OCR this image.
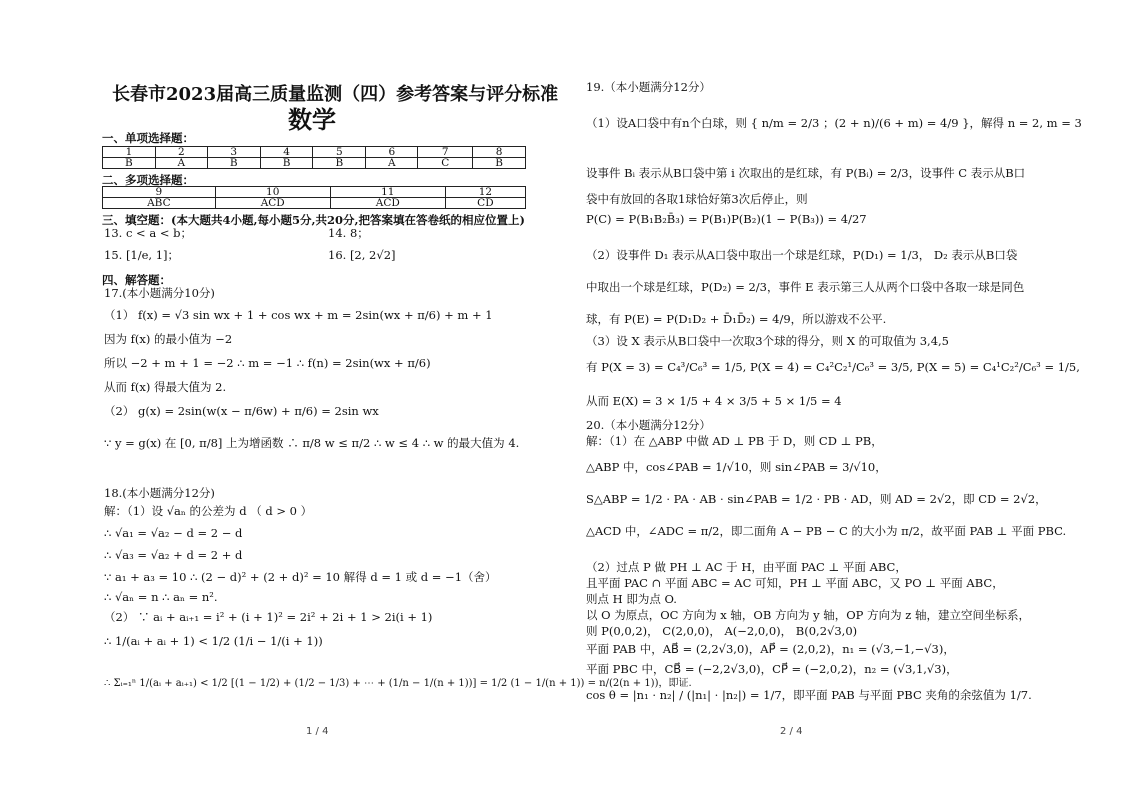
长春市2023届高三质量监测（四）参考答案与评分标准
数学
一、单项选择题：
1	2	3	4	5	6	7	8
B	A	B	B	B	A	C	B
二、多项选择题：
9	10	11	12
ABC	ACD	ACD	CD
三、填空题：(本大题共4小题,每小题5分,共20分,把答案填在答卷纸的相应位置上)
13. c < a < b；	14. 8；
15. [1/e, 1]；	16. [2, 2√2]
四、解答题：
17.(本小题满分10分)
（1） f(x) = √3 sin wx + 1 + cos wx + m = 2sin(wx + π/6) + m + 1
因为 f(x) 的最小值为 −2
所以 −2 + m + 1 = −2 ∴ m = −1 ∴ f(n) = 2sin(wx + π/6)
从而 f(x) 得最大值为 2.
（2） g(x) = 2sin(w(x − π/6w) + π/6) = 2sin wx
∵ y = g(x) 在 [0, π/8] 上为增函数 ∴ π/8 w ≤ π/2 ∴ w ≤ 4 ∴ w 的最大值为 4.
18.(本小题满分12分)
解：（1）设 √aₙ 的公差为 d （ d > 0 ）
∴ √a₁ = √a₂ − d = 2 − d
∴ √a₃ = √a₂ + d = 2 + d
∵ a₁ + a₃ = 10 ∴ (2 − d)² + (2 + d)² = 10 解得 d = 1 或 d = −1（舍）
∴ √aₙ = n ∴ aₙ = n².
（2） ∵ aᵢ + aᵢ₊₁ = i² + (i + 1)² = 2i² + 2i + 1 > 2i(i + 1)
∴ 1/(aᵢ + aᵢ + 1) < 1/2 (1/i − 1/(i + 1))
∴ Σᵢ₌₁ⁿ 1/(aᵢ + aᵢ₊₁) < 1/2 [(1 − 1/2) + (1/2 − 1/3) + ⋯ + (1/n − 1/(n + 1))] = 1/2 (1 − 1/(n + 1)) = n/(2(n + 1))，即证.
1 / 4
19.（本小题满分12分）
（1）设A口袋中有n个白球，则 { n/m = 2/3 ；(2 + n)/(6 + m) = 4/9 }，解得 n = 2, m = 3
设事件 Bᵢ 表示从B口袋中第 i 次取出的是红球，有 P(Bᵢ) = 2/3，设事件 C 表示从B口
袋中有放回的各取1球恰好第3次后停止，则
P(C) = P(B₁B₂B̄₃) = P(B₁)P(B₂)(1 − P(B₃)) = 4/27
（2）设事件 D₁ 表示从A口袋中取出一个球是红球，P(D₁) = 1/3， D₂ 表示从B口袋
中取出一个球是红球，P(D₂) = 2/3，事件 E 表示第三人从两个口袋中各取一球是同色
球，有 P(E) = P(D₁D₂ + D̄₁D̄₂) = 4/9，所以游戏不公平.
（3）设 X 表示从B口袋中一次取3个球的得分，则 X 的可取值为 3,4,5
有 P(X = 3) = C₄³/C₆³ = 1/5, P(X = 4) = C₄²C₂¹/C₆³ = 3/5, P(X = 5) = C₄¹C₂²/C₆³ = 1/5,
从而 E(X) = 3 × 1/5 + 4 × 3/5 + 5 × 1/5 = 4
20.（本小题满分12分）
解：（1）在 △ABP 中做 AD ⊥ PB 于 D，则 CD ⊥ PB，
△ABP 中，cos∠PAB = 1/√10，则 sin∠PAB = 3/√10，
S△ABP = 1/2 · PA · AB · sin∠PAB = 1/2 · PB · AD，则 AD = 2√2，即 CD = 2√2，
△ACD 中，∠ADC = π/2，即二面角 A − PB − C 的大小为 π/2，故平面 PAB ⊥ 平面 PBC.
（2）过点 P 做 PH ⊥ AC 于 H，由平面 PAC ⊥ 平面 ABC，
且平面 PAC ∩ 平面 ABC = AC 可知，PH ⊥ 平面 ABC，又 PO ⊥ 平面 ABC，
则点 H 即为点 O.
以 O 为原点，OC 方向为 x 轴，OB 方向为 y 轴，OP 方向为 z 轴，建立空间坐标系，
则 P(0,0,2)， C(2,0,0)， A(−2,0,0)， B(0,2√3,0)
平面 PAB 中，AB⃗ = (2,2√3,0)，AP⃗ = (2,0,2)，n₁ = (√3,−1,−√3)，
平面 PBC 中，CB⃗ = (−2,2√3,0)，CP⃗ = (−2,0,2)，n₂ = (√3,1,√3)，
cos θ = |n₁ · n₂| / (|n₁| · |n₂|) = 1/7，即平面 PAB 与平面 PBC 夹角的余弦值为 1/7.
2 / 4
